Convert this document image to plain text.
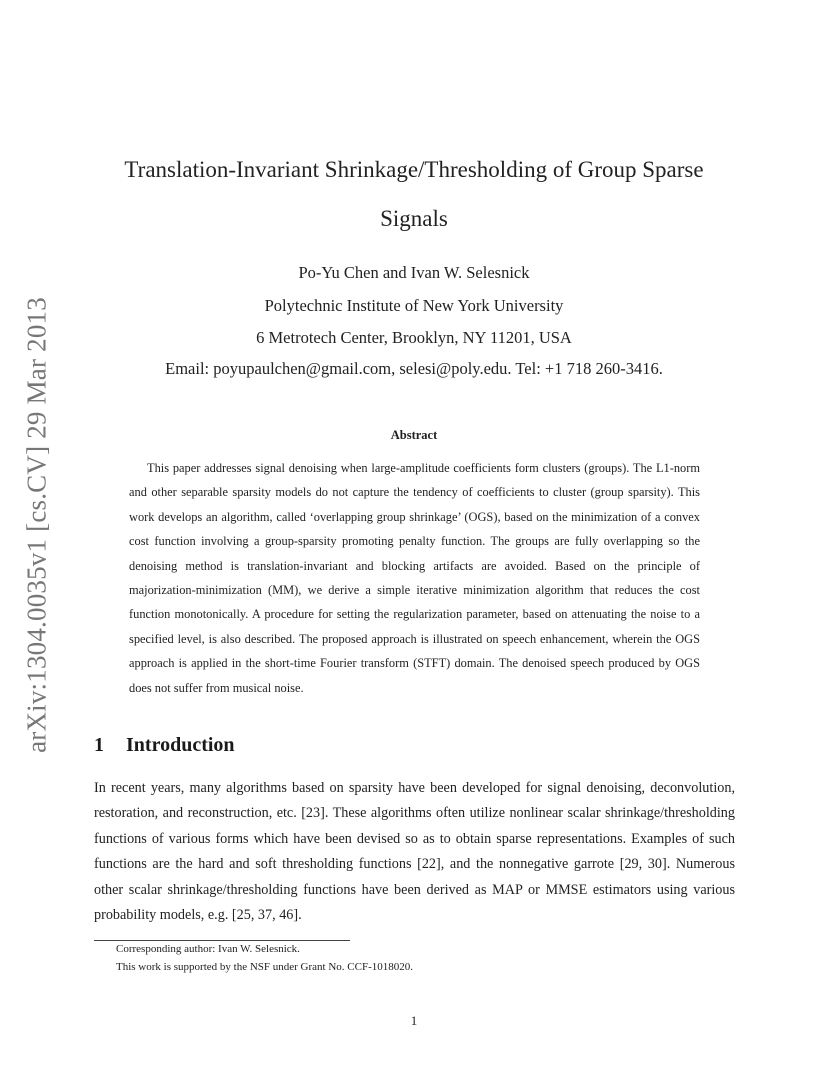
arXiv:1304.0035v1 [cs.CV] 29 Mar 2013
Translation-Invariant Shrinkage/Thresholding of Group Sparse
Signals
Po-Yu Chen and Ivan W. Selesnick
Polytechnic Institute of New York University
6 Metrotech Center, Brooklyn, NY 11201, USA
Email: poyupaulchen@gmail.com, selesi@poly.edu. Tel: +1 718 260-3416.
Abstract

This paper addresses signal denoising when large-amplitude coefficients form clusters (groups). The L1-norm and other separable sparsity models do not capture the tendency of coefficients to cluster (group sparsity). This work develops an algorithm, called ‘overlapping group shrinkage’ (OGS), based on the minimization of a convex cost function involving a group-sparsity promoting penalty function. The groups are fully overlapping so the denoising method is translation-invariant and blocking artifacts are avoided. Based on the principle of majorization-minimization (MM), we derive a simple iterative minimization algorithm that reduces the cost function monotonically. A procedure for setting the regularization parameter, based on attenuating the noise to a specified level, is also described. The proposed approach is illustrated on speech enhancement, wherein the OGS approach is applied in the short-time Fourier transform (STFT) domain. The denoised speech produced by OGS does not suffer from musical noise.

1 Introduction

In recent years, many algorithms based on sparsity have been developed for signal denoising, deconvolution, restoration, and reconstruction, etc. [23]. These algorithms often utilize nonlinear scalar shrinkage/thresholding functions of various forms which have been devised so as to obtain sparse representations. Examples of such functions are the hard and soft thresholding functions [22], and the nonnegative garrote [29, 30]. Numerous other scalar shrinkage/thresholding functions have been derived as MAP or MMSE estimators using various probability models, e.g. [25, 37, 46].

Corresponding author: Ivan W. Selesnick.
This work is supported by the NSF under Grant No. CCF-1018020.
1
